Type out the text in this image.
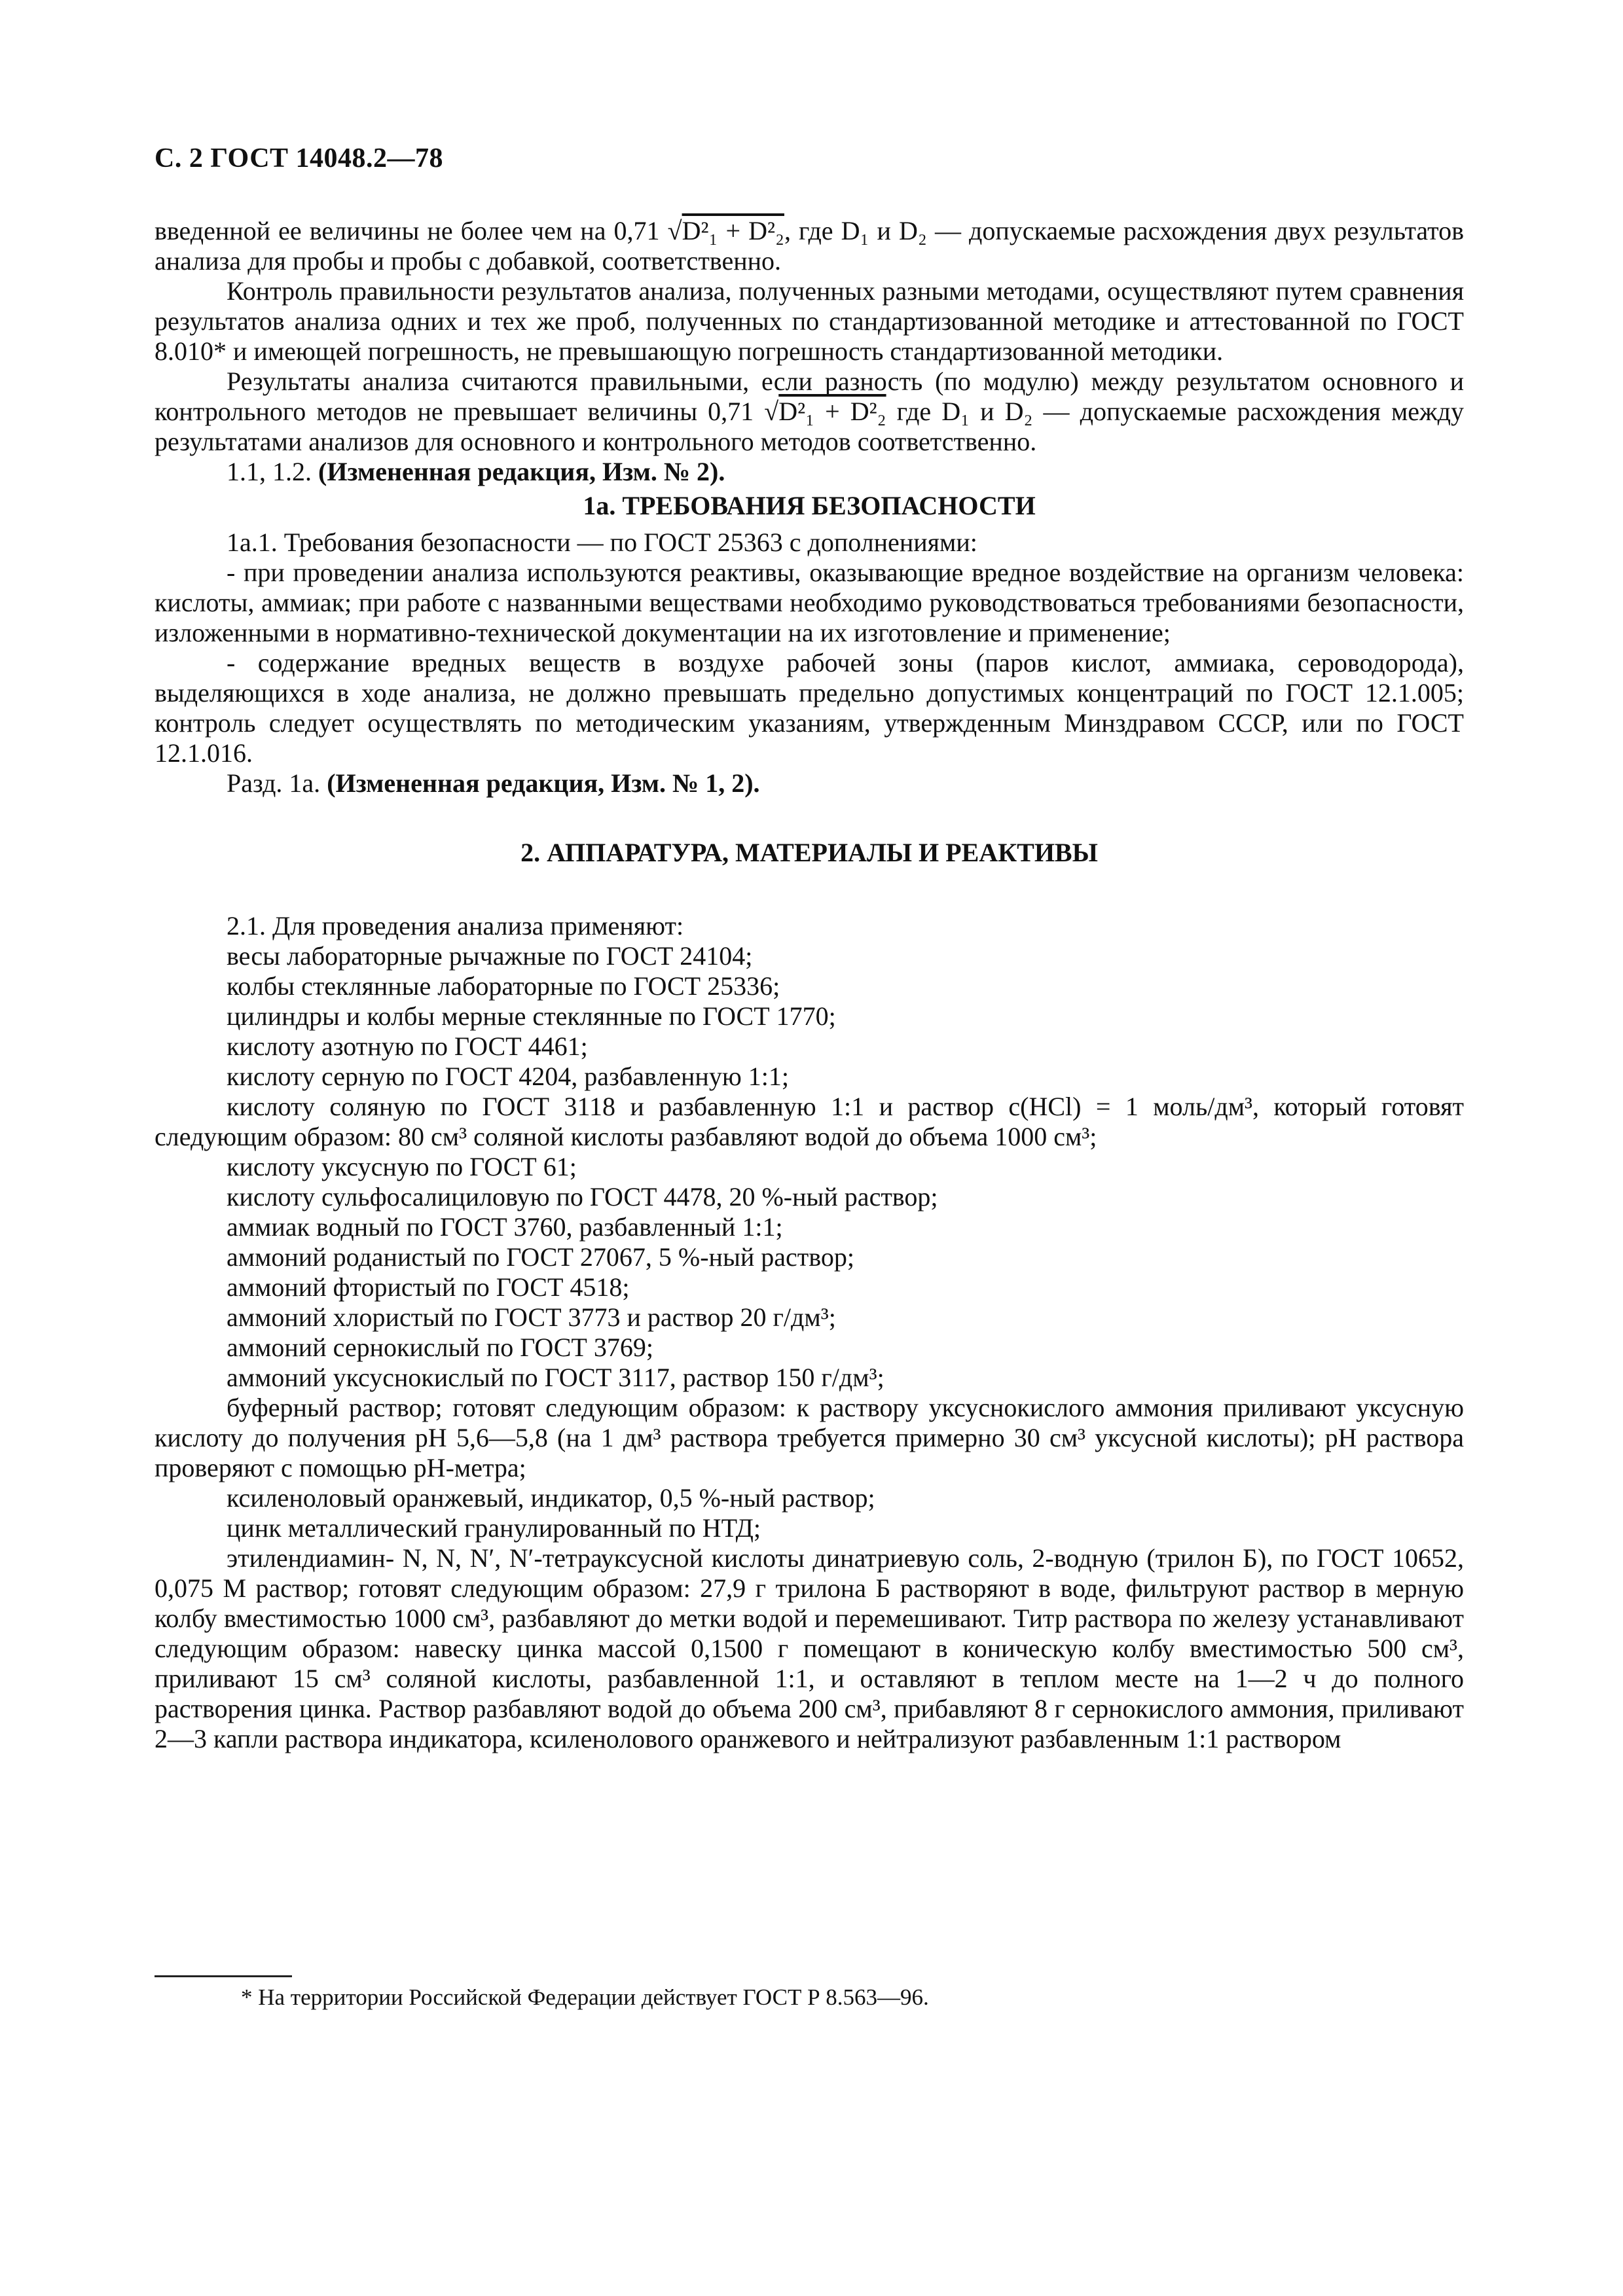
С. 2 ГОСТ 14048.2—78

введенной ее величины не более чем на 0,71 √D²₁ + D²₂, где D₁ и D₂ — допускаемые расхождения двух результатов анализа для пробы и пробы с добавкой, соответственно.

Контроль правильности результатов анализа, полученных разными методами, осуществляют путем сравнения результатов анализа одних и тех же проб, полученных по стандартизованной методике и аттестованной по ГОСТ 8.010* и имеющей погрешность, не превышающую погрешность стандартизованной методики.

Результаты анализа считаются правильными, если разность (по модулю) между результатом основного и контрольного методов не превышает величины 0,71 √D²₁ + D²₂ где D₁ и D₂ — допускаемые расхождения между результатами анализов для основного и контрольного методов соответственно.

1.1, 1.2. (Измененная редакция, Изм. № 2).

1а. ТРЕБОВАНИЯ БЕЗОПАСНОСТИ

1а.1. Требования безопасности — по ГОСТ 25363 с дополнениями:

- при проведении анализа используются реактивы, оказывающие вредное воздействие на организм человека: кислоты, аммиак; при работе с названными веществами необходимо руководствоваться требованиями безопасности, изложенными в нормативно-технической документации на их изготовление и применение;

- содержание вредных веществ в воздухе рабочей зоны (паров кислот, аммиака, сероводорода), выделяющихся в ходе анализа, не должно превышать предельно допустимых концентраций по ГОСТ 12.1.005; контроль следует осуществлять по методическим указаниям, утвержденным Минздравом СССР, или по ГОСТ 12.1.016.

Разд. 1а. (Измененная редакция, Изм. № 1, 2).

2. АППАРАТУРА, МАТЕРИАЛЫ И РЕАКТИВЫ

2.1. Для проведения анализа применяют:

весы лабораторные рычажные по ГОСТ 24104;

колбы стеклянные лабораторные по ГОСТ 25336;

цилиндры и колбы мерные стеклянные по ГОСТ 1770;

кислоту азотную по ГОСТ 4461;

кислоту серную по ГОСТ 4204, разбавленную 1:1;

кислоту соляную по ГОСТ 3118 и разбавленную 1:1 и раствор c(HCl) = 1 моль/дм³, который готовят следующим образом: 80 см³ соляной кислоты разбавляют водой до объема 1000 см³;

кислоту уксусную по ГОСТ 61;

кислоту сульфосалициловую по ГОСТ 4478, 20 %-ный раствор;

аммиак водный по ГОСТ 3760, разбавленный 1:1;

аммоний роданистый по ГОСТ 27067, 5 %-ный раствор;

аммоний фтористый по ГОСТ 4518;

аммоний хлористый по ГОСТ 3773 и раствор 20 г/дм³;

аммоний сернокислый по ГОСТ 3769;

аммоний уксуснокислый по ГОСТ 3117, раствор 150 г/дм³;

буферный раствор; готовят следующим образом: к раствору уксуснокислого аммония приливают уксусную кислоту до получения pH 5,6—5,8 (на 1 дм³ раствора требуется примерно 30 см³ уксусной кислоты); pH раствора проверяют с помощью pH-метра;

ксиленоловый оранжевый, индикатор, 0,5 %-ный раствор;

цинк металлический гранулированный по НТД;

этилендиамин- N, N, N′, N′-тетрауксусной кислоты динатриевую соль, 2-водную (трилон Б), по ГОСТ 10652, 0,075 М раствор; готовят следующим образом: 27,9 г трилона Б растворяют в воде, фильтруют раствор в мерную колбу вместимостью 1000 см³, разбавляют до метки водой и перемешивают. Титр раствора по железу устанавливают следующим образом: навеску цинка массой 0,1500 г помещают в коническую колбу вместимостью 500 см³, приливают 15 см³ соляной кислоты, разбавленной 1:1, и оставляют в теплом месте на 1—2 ч до полного растворения цинка. Раствор разбавляют водой до объема 200 см³, прибавляют 8 г сернокислого аммония, приливают 2—3 капли раствора индикатора, ксиленолового оранжевого и нейтрализуют разбавленным 1:1 раствором

* На территории Российской Федерации действует ГОСТ Р 8.563—96.
